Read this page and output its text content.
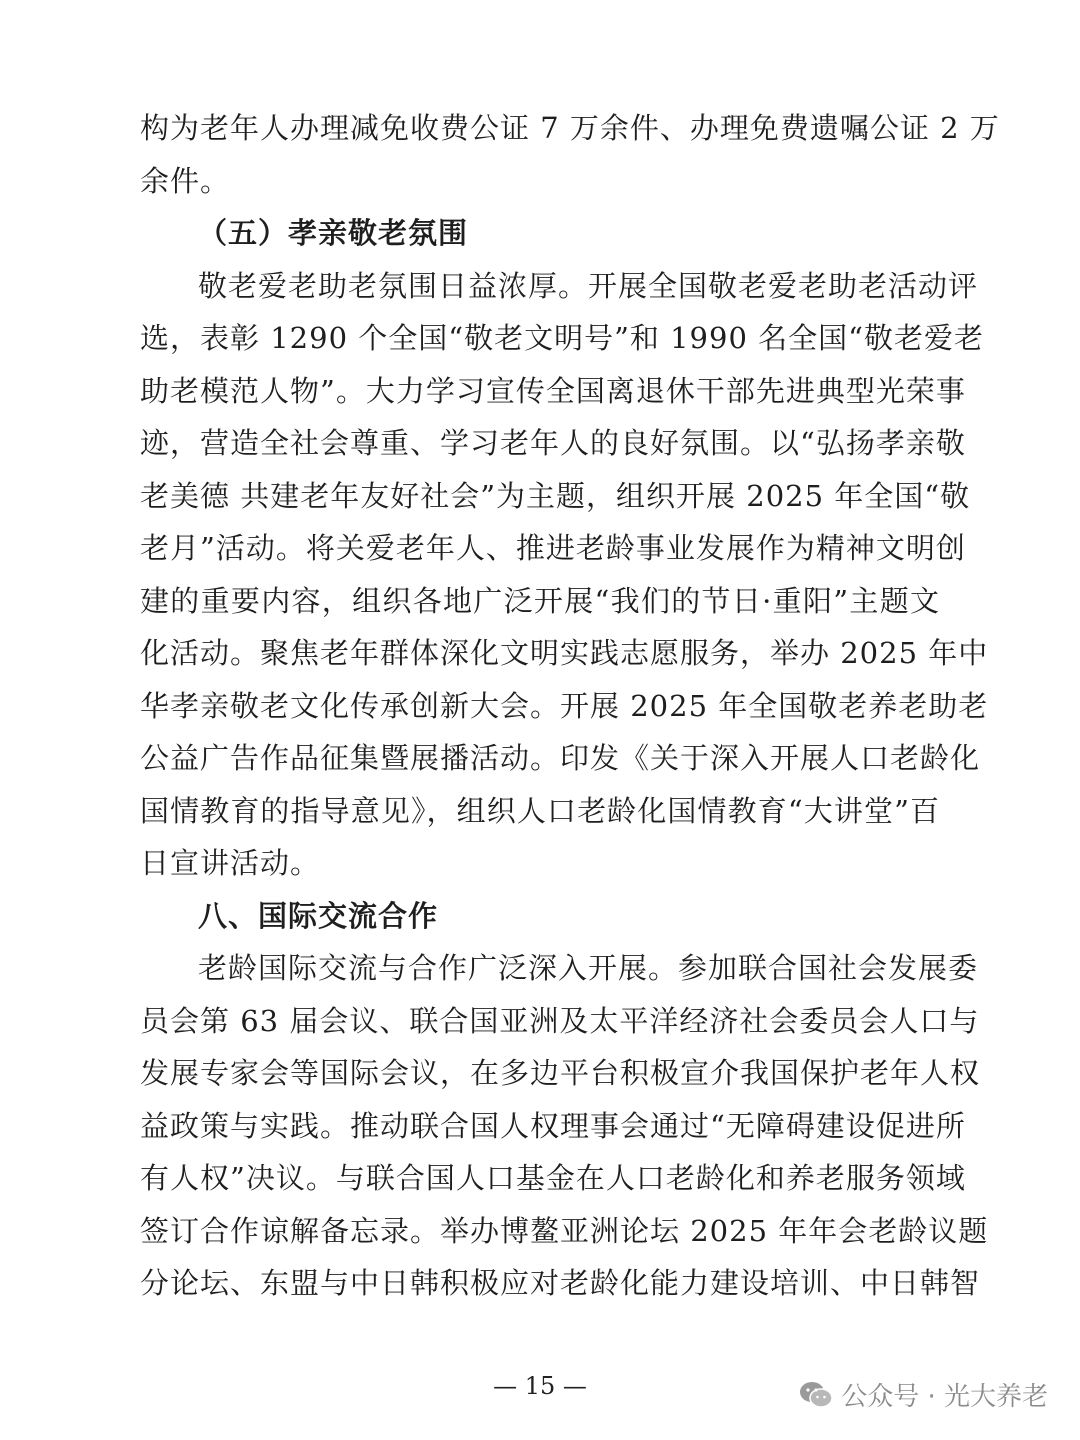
构为老年人办理减免收费公证 7 万余件、办理免费遗嘱公证 2 万
余件。
（五）孝亲敬老氛围
敬老爱老助老氛围日益浓厚。开展全国敬老爱老助老活动评
选，表彰 1290 个全国“敬老文明号”和 1990 名全国“敬老爱老
助老模范人物”。大力学习宣传全国离退休干部先进典型光荣事
迹，营造全社会尊重、学习老年人的良好氛围。以“弘扬孝亲敬
老美德 共建老年友好社会”为主题，组织开展 2025 年全国“敬
老月”活动。将关爱老年人、推进老龄事业发展作为精神文明创
建的重要内容，组织各地广泛开展“我们的节日·重阳”主题文
化活动。聚焦老年群体深化文明实践志愿服务，举办 2025 年中
华孝亲敬老文化传承创新大会。开展 2025 年全国敬老养老助老
公益广告作品征集暨展播活动。印发《关于深入开展人口老龄化
国情教育的指导意见》，组织人口老龄化国情教育“大讲堂”百
日宣讲活动。
八、国际交流合作
老龄国际交流与合作广泛深入开展。参加联合国社会发展委
员会第 63 届会议、联合国亚洲及太平洋经济社会委员会人口与
发展专家会等国际会议，在多边平台积极宣介我国保护老年人权
益政策与实践。推动联合国人权理事会通过“无障碍建设促进所
有人权”决议。与联合国人口基金在人口老龄化和养老服务领域
签订合作谅解备忘录。举办博鳌亚洲论坛 2025 年年会老龄议题
分论坛、东盟与中日韩积极应对老龄化能力建设培训、中日韩智
— 15 —	公众号 · 光大养老
